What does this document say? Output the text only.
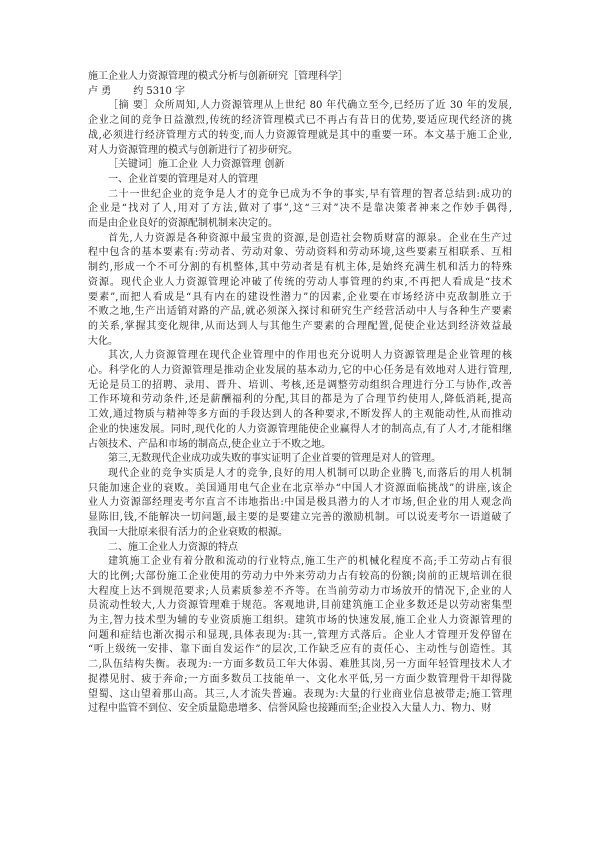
施工企业人力资源管理的模式分析与创新研究［管理科学］
卢 勇 约 5310 字
［摘 要］众所周知,人力资源管理从上世纪 80 年代确立至今,已经历了近 30 年的发展,
企业之间的竞争日益激烈,传统的经济管理模式已不再占有昔日的优势,要适应现代经济的挑
战,必须进行经济管理方式的转变,而人力资源管理就是其中的重要一环。本文基于施工企业,
对人力资源管理的模式与创新进行了初步研究。
［关键词］施工企业 人力资源管理 创新
一、企业首要的管理是对人的管理
二十一世纪企业的竞争是人才的竞争已成为不争的事实,早有管理的智者总结到:成功的
企业是“找对了人,用对了方法,做对了事”,这“三对”决不是靠决策者神来之作妙手偶得,
而是由企业良好的资源配制机制来决定的。
首先,人力资源是各种资源中最宝贵的资源,是创造社会物质财富的源泉。企业在生产过
程中包含的基本要素有:劳动者、劳动对象、劳动资料和劳动环境,这些要素互相联系、互相
制约,形成一个不可分割的有机整体,其中劳动者是有机主体,是始终充满生机和活力的特殊
资源。现代企业人力资源管理论冲破了传统的劳动人事管理的约束,不再把人看成是“技术
要素”,而把人看成是“具有内在的建设性潜力”的因素,企业要在市场经济中克敌制胜立于
不败之地,生产出适销对路的产品,就必须深入探讨和研究生产经营活动中人与各种生产要素
的关系,掌握其变化规律,从而达到人与其他生产要素的合理配置,促使企业达到经济效益最
大化。
其次,人力资源管理在现代企业管理中的作用也充分说明人力资源管理是企业管理的核
心。科学化的人力资源管理是推动企业发展的基本动力,它的中心任务是有效地对人进行管理,
无论是员工的招聘、录用、晋升、培训、考核,还是调整劳动组织合理进行分工与协作,改善
工作环境和劳动条件,还是薪酬福利的分配,其目的都是为了合理节约使用人,降低消耗,提高
工效,通过物质与精神等多方面的手段达到人的各种要求,不断发挥人的主观能动性,从而推动
企业的快速发展。同时,现代化的人力资源管理能使企业赢得人才的制高点,有了人才,才能相继
占领技术、产品和市场的制高点,使企业立于不败之地。
第三,无数现代企业成功或失败的事实证明了企业首要的管理是对人的管理。
现代企业的竞争实质是人才的竞争,良好的用人机制可以助企业腾飞,而落后的用人机制
只能加速企业的衰败。美国通用电气企业在北京举办“中国人才资源面临挑战”的讲座,该企
业人力资源部经理麦考尔直言不讳地指出:中国是极具潜力的人才市场,但企业的用人观念尚
显陈旧,钱,不能解决一切问题,最主要的是要建立完善的激励机制。可以说麦考尔一语道破了
我国一大批原来很有活力的企业衰败的根源。
二、施工企业人力资源的特点
建筑施工企业有着分散和流动的行业特点,施工生产的机械化程度不高;手工劳动占有很
大的比例;大部份施工企业使用的劳动力中外来劳动力占有较高的份额;岗前的正规培训在很
大程度上达不到规范要求;人员素质参差不齐等。在当前劳动力市场放开的情况下,企业的人
员流动性较大,人力资源管理难于规范。客观地讲,目前建筑施工企业多数还是以劳动密集型
为主,智力技术型为辅的专业资质施工组织。建筑市场的快速发展,施工企业人力资源管理的
问题和症结也渐次揭示和显现,具体表现为:其一,管理方式落后。企业人才管理开发停留在
“听上级统一安排、靠下面自发运作”的层次,工作缺乏应有的责任心、主动性与创造性。其
二,队伍结构失衡。表现为:一方面多数员工年大体弱、难胜其岗,另一方面年轻管理技术人才
捉襟见肘、疲于奔命;一方面多数员工技能单一、文化水平低,另一方面少数管理骨干却得陇
望蜀、这山望着那山高。其三,人才流失普遍。表现为:大量的行业商业信息被带走;施工管理
过程中监管不到位、安全质量隐患增多、信誉风险也接踵而至;企业投入大量人力、物力、财
